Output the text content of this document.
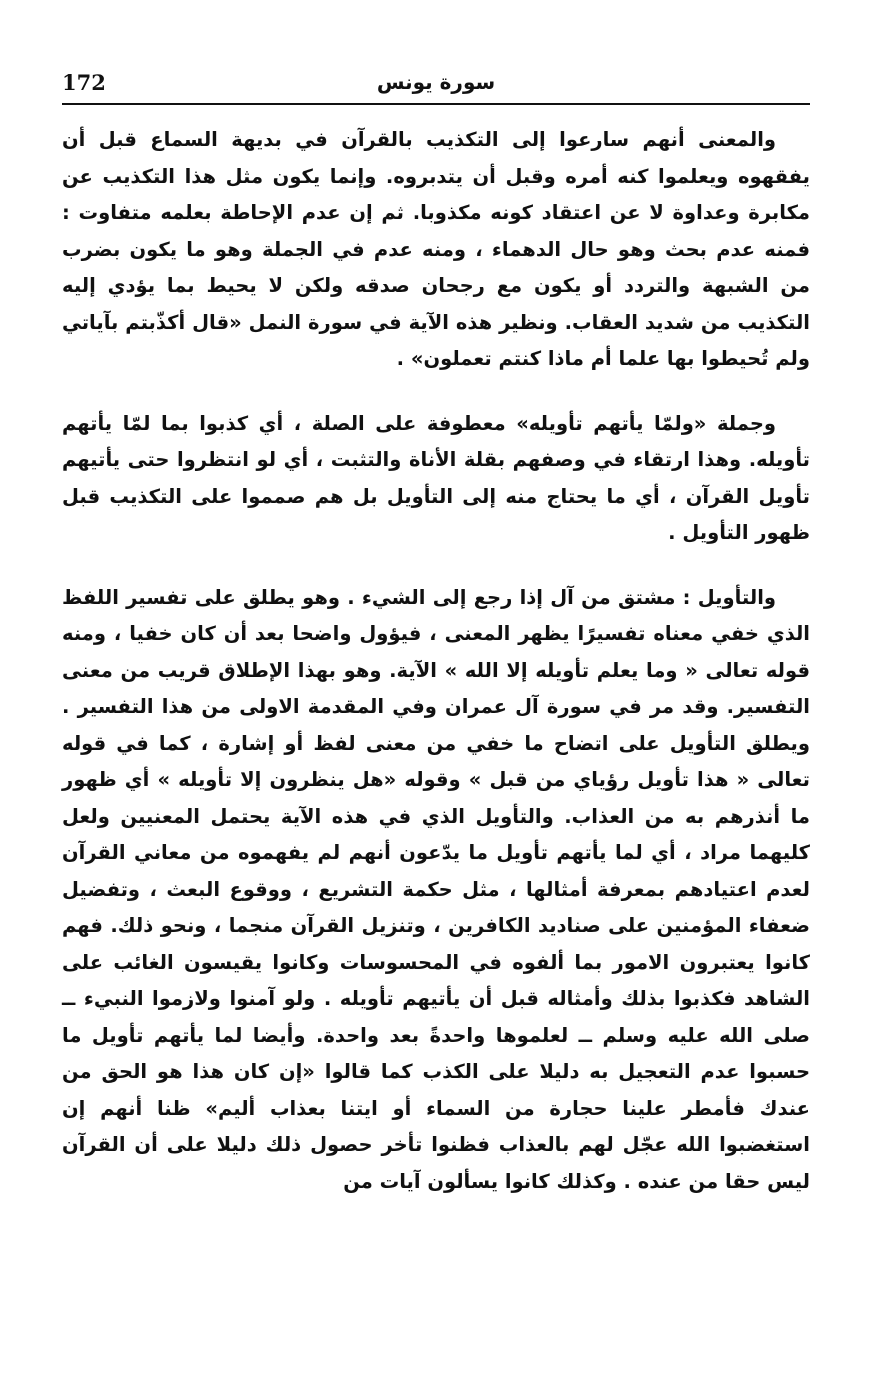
172	سورة يونس

والمعنى أنهم سارعوا إلى التكذيب بالقرآن في بديهة السماع قبل أن يفقهوه ويعلموا كنه أمره وقبل أن يتدبروه. وإنما يكون مثل هذا التكذيب عن مكابرة وعداوة لا عن اعتقاد كونه مكذوبا. ثم إن عدم الإحاطة بعلمه متفاوت : فمنه عدم بحث وهو حال الدهماء ، ومنه عدم في الجملة وهو ما يكون بضرب من الشبهة والتردد أو يكون مع رجحان صدقه ولكن لا يحيط بما يؤدي إليه التكذيب من شديد العقاب. ونظير هذه الآية في سورة النمل «قال أكذّبتم بآياتي ولم تُحيطوا بها علما أم ماذا كنتم تعملون» .

وجملة «ولمّا يأتهم تأويله» معطوفة على الصلة ، أي كذبوا بما لمّا يأتهم تأويله. وهذا ارتقاء في وصفهم بقلة الأناة والتثبت ، أي لو انتظروا حتى يأتيهم تأويل القرآن ، أي ما يحتاج منه إلى التأويل بل هم صمموا على التكذيب قبل ظهور التأويل .

والتأويل : مشتق من آل إذا رجع إلى الشيء . وهو يطلق على تفسير اللفظ الذي خفي معناه تفسيرًا يظهر المعنى ، فيؤول واضحا بعد أن كان خفيا ، ومنه قوله تعالى « وما يعلم تأويله إلا الله » الآية. وهو بهذا الإطلاق قريب من معنى التفسير. وقد مر في سورة آل عمران وفي المقدمة الاولى من هذا التفسير . ويطلق التأويل على اتضاح ما خفي من معنى لفظ أو إشارة ، كما في قوله تعالى « هذا تأويل رؤياي من قبل » وقوله «هل ينظرون إلا تأويله » أي ظهور ما أنذرهم به من العذاب. والتأويل الذي في هذه الآية يحتمل المعنيين ولعل كليهما مراد ، أي لما يأتهم تأويل ما يدّعون أنهم لم يفهموه من معاني القرآن لعدم اعتيادهم بمعرفة أمثالها ، مثل حكمة التشريع ، ووقوع البعث ، وتفضيل ضعفاء المؤمنين على صناديد الكافرين ، وتنزيل القرآن منجما ، ونحو ذلك. فهم كانوا يعتبرون الامور بما ألفوه في المحسوسات وكانوا يقيسون الغائب على الشاهد فكذبوا بذلك وأمثاله قبل أن يأتيهم تأويله . ولو آمنوا ولازموا النبيء ــ صلى الله عليه وسلم ــ لعلموها واحدةً بعد واحدة. وأيضا لما يأتهم تأويل ما حسبوا عدم التعجيل به دليلا على الكذب كما قالوا «إن كان هذا هو الحق من عندك فأمطر علينا حجارة من السماء أو ايتنا بعذاب أليم» ظنا أنهم إن استغضبوا الله عجّل لهم بالعذاب فظنوا تأخر حصول ذلك دليلا على أن القرآن ليس حقا من عنده . وكذلك كانوا يسألون آيات من
